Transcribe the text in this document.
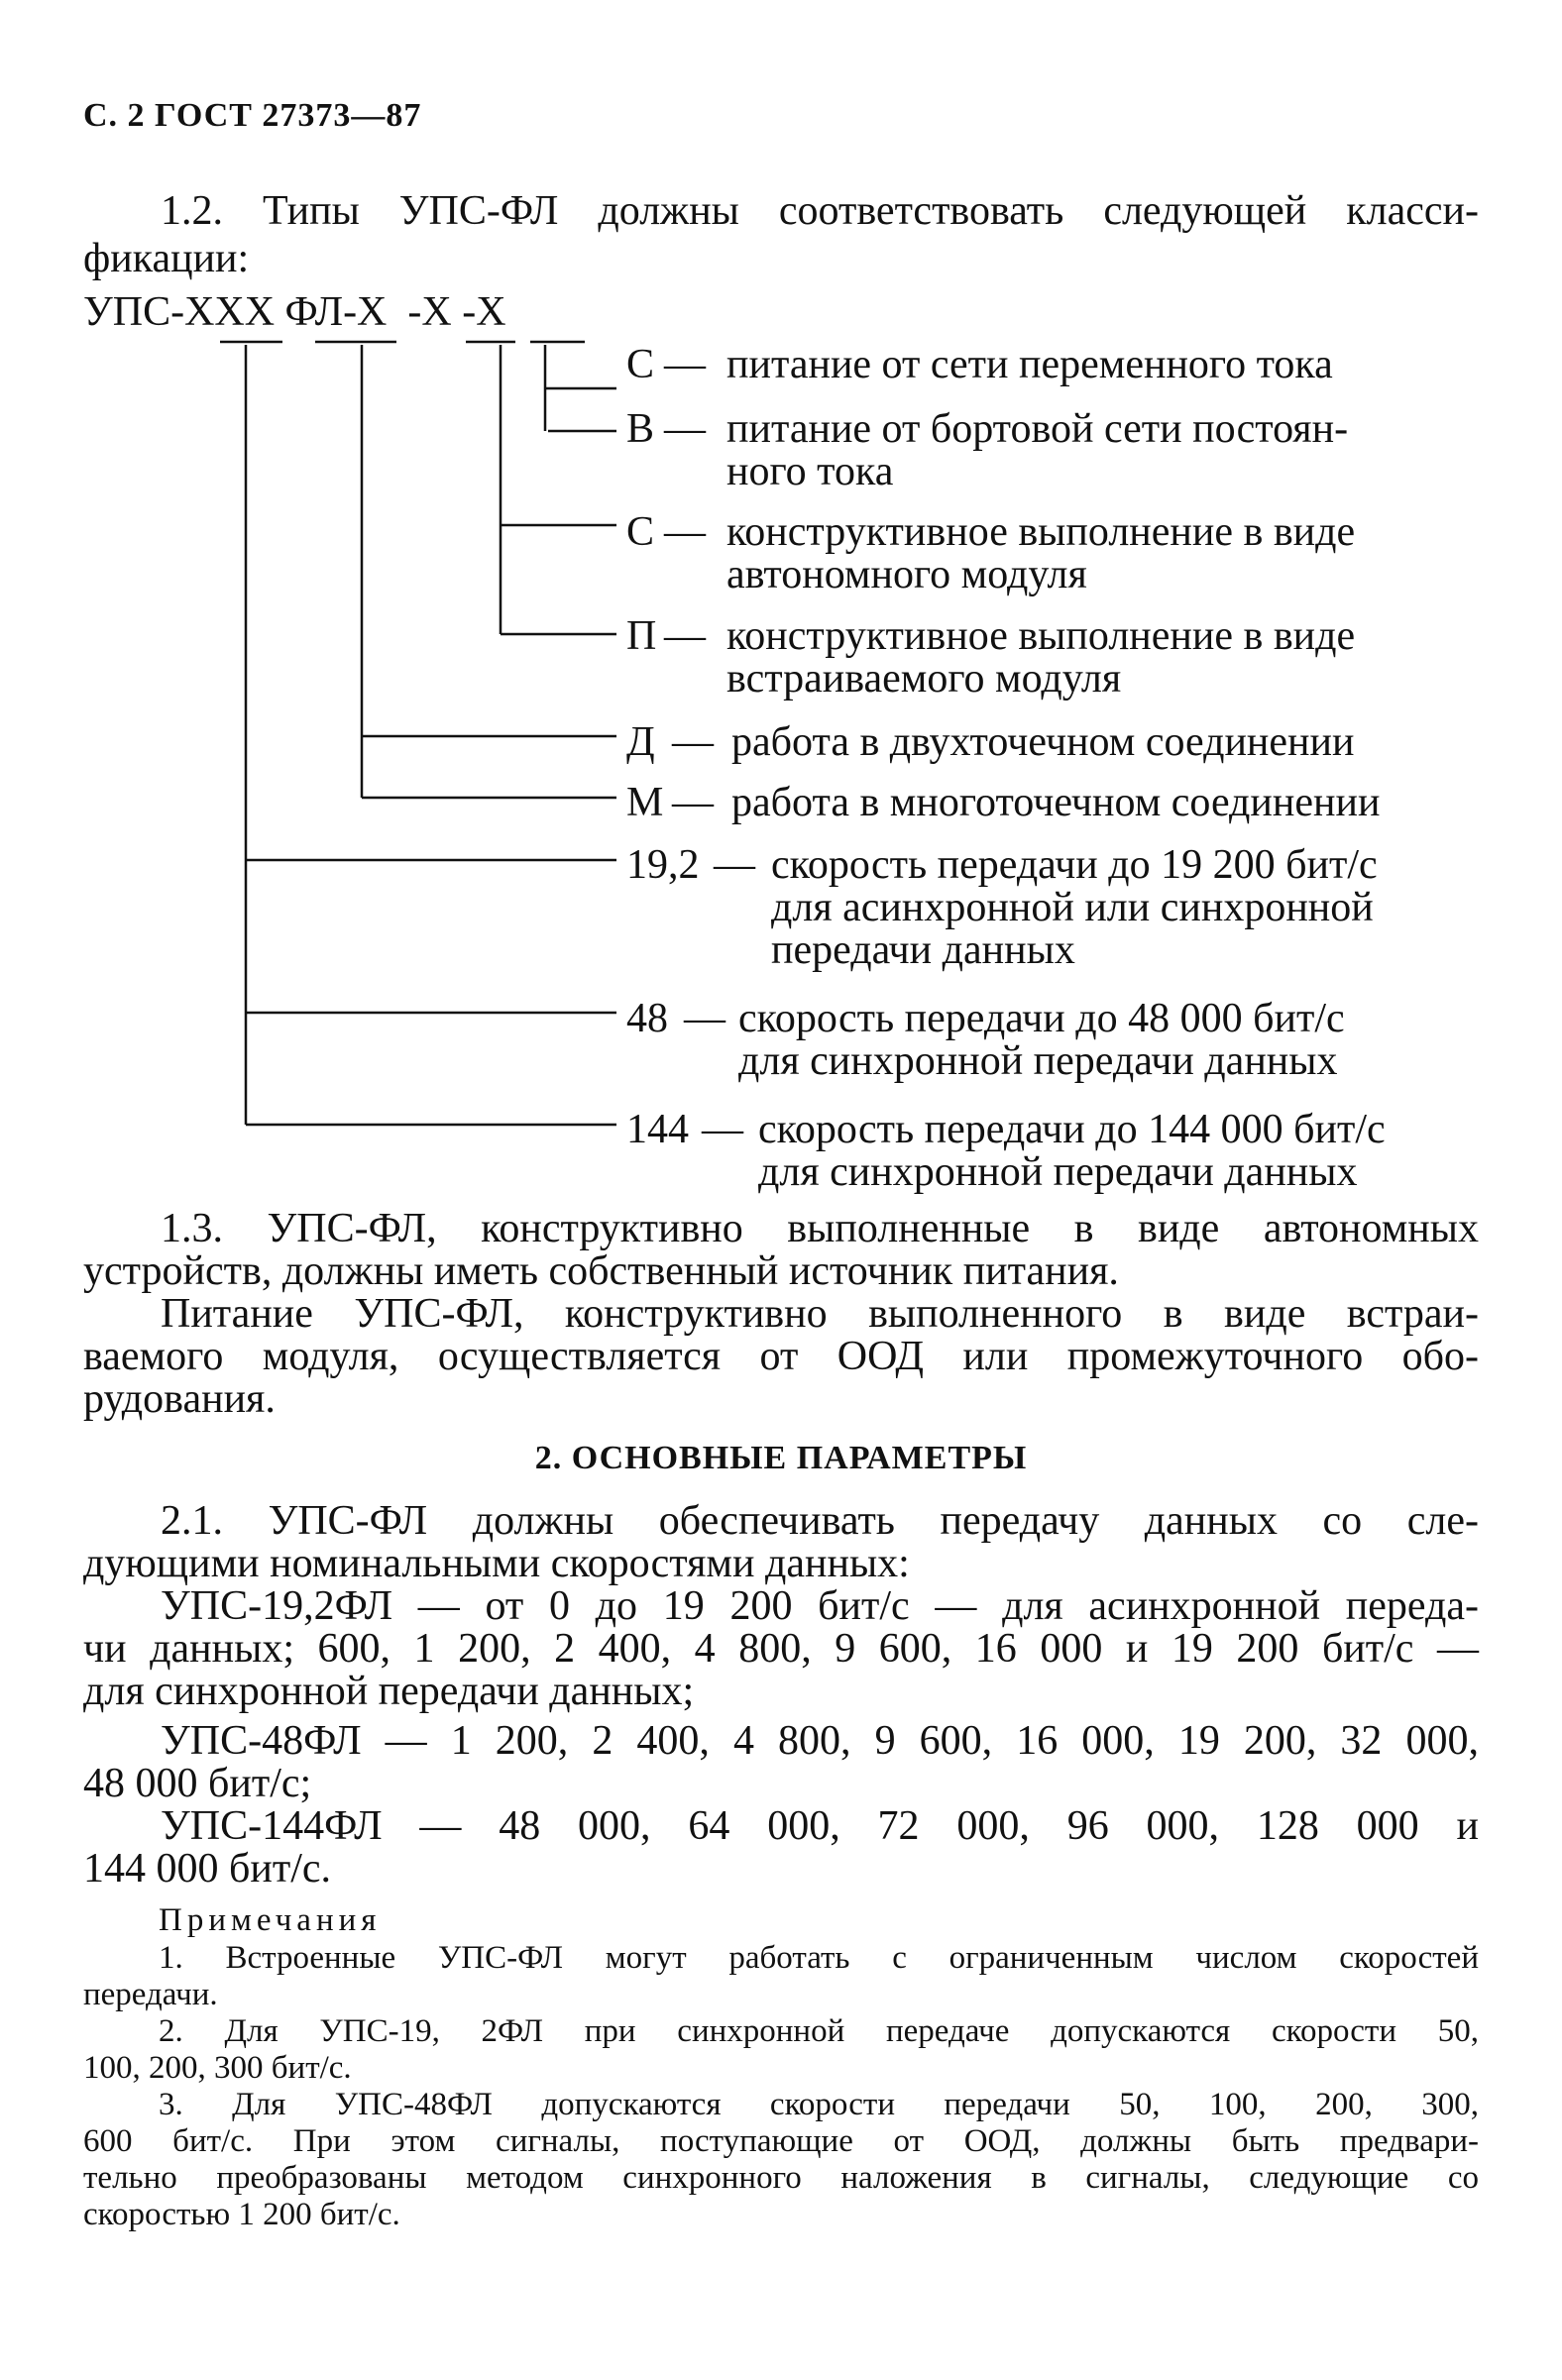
С. 2 ГОСТ 27373—87
1.2. Типы УПС-ФЛ должны соответствовать следующей класси-
фикации:
УПС-ХХХ ФЛ-Х  -Х -Х
С — питание от сети переменного тока
В — питание от бортовой сети постоян-
ного тока
С — конструктивное выполнение в виде
автономного модуля
П — конструктивное выполнение в виде
встраиваемого модуля
Д — работа в двухточечном соединении
М — работа в многоточечном соединении
19,2 — скорость передачи до 19 200 бит/с
для асинхронной или синхронной
передачи данных
48 — скорость передачи до 48 000 бит/с
для синхронной передачи данных
144 — скорость передачи до 144 000 бит/с
для синхронной передачи данных
1.3. УПС-ФЛ, конструктивно выполненные в виде автономных
устройств, должны иметь собственный источник питания.
Питание УПС-ФЛ, конструктивно выполненного в виде встраи-
ваемого модуля, осуществляется от ООД или промежуточного обо-
рудования.
2. ОСНОВНЫЕ ПАРАМЕТРЫ
2.1. УПС-ФЛ должны обеспечивать передачу данных со сле-
дующими номинальными скоростями данных:
УПС-19,2ФЛ — от 0 до 19 200 бит/с — для асинхронной переда-
чи данных; 600, 1 200, 2 400, 4 800, 9 600, 16 000 и 19 200 бит/с —
для синхронной передачи данных;
УПС-48ФЛ — 1 200, 2 400, 4 800, 9 600, 16 000, 19 200, 32 000,
48 000 бит/с;
УПС-144ФЛ — 48 000, 64 000, 72 000, 96 000, 128 000 и
144 000 бит/с.
Примечания
1. Встроенные УПС-ФЛ могут работать с ограниченным числом скоростей
передачи.
2. Для УПС-19, 2ФЛ при синхронной передаче допускаются скорости 50,
100, 200, 300 бит/с.
3. Для УПС-48ФЛ допускаются скорости передачи 50, 100, 200, 300,
600 бит/с. При этом сигналы, поступающие от ООД, должны быть предвари-
тельно преобразованы методом синхронного наложения в сигналы, следующие со
скоростью 1 200 бит/с.
